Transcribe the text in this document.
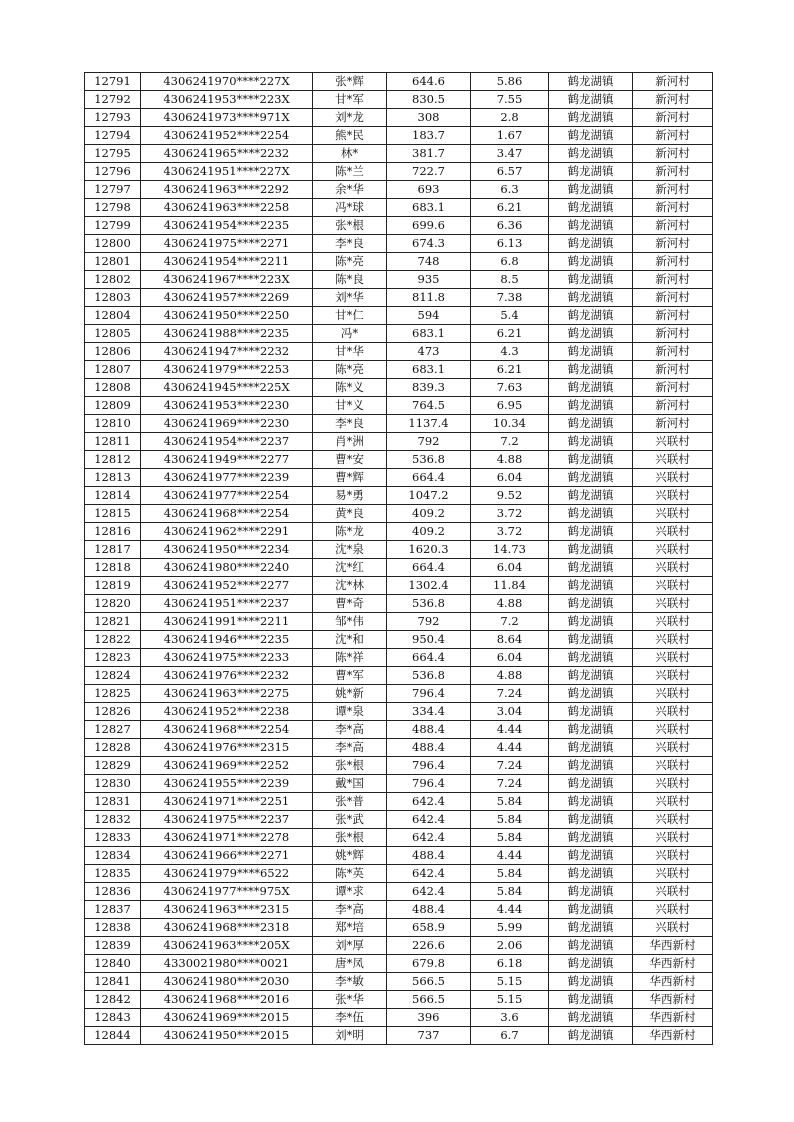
12791	4306241970****227X	张*辉	644.6	5.86	鹤龙湖镇	新河村
12792	4306241953****223X	甘*军	830.5	7.55	鹤龙湖镇	新河村
12793	4306241973****971X	刘*龙	308	2.8	鹤龙湖镇	新河村
12794	4306241952****2254	熊*民	183.7	1.67	鹤龙湖镇	新河村
12795	4306241965****2232	林*	381.7	3.47	鹤龙湖镇	新河村
12796	4306241951****227X	陈*兰	722.7	6.57	鹤龙湖镇	新河村
12797	4306241963****2292	余*华	693	6.3	鹤龙湖镇	新河村
12798	4306241963****2258	冯*球	683.1	6.21	鹤龙湖镇	新河村
12799	4306241954****2235	张*根	699.6	6.36	鹤龙湖镇	新河村
12800	4306241975****2271	李*良	674.3	6.13	鹤龙湖镇	新河村
12801	4306241954****2211	陈*亮	748	6.8	鹤龙湖镇	新河村
12802	4306241967****223X	陈*良	935	8.5	鹤龙湖镇	新河村
12803	4306241957****2269	刘*华	811.8	7.38	鹤龙湖镇	新河村
12804	4306241950****2250	甘*仁	594	5.4	鹤龙湖镇	新河村
12805	4306241988****2235	冯*	683.1	6.21	鹤龙湖镇	新河村
12806	4306241947****2232	甘*华	473	4.3	鹤龙湖镇	新河村
12807	4306241979****2253	陈*亮	683.1	6.21	鹤龙湖镇	新河村
12808	4306241945****225X	陈*义	839.3	7.63	鹤龙湖镇	新河村
12809	4306241953****2230	甘*义	764.5	6.95	鹤龙湖镇	新河村
12810	4306241969****2230	李*良	1137.4	10.34	鹤龙湖镇	新河村
12811	4306241954****2237	肖*洲	792	7.2	鹤龙湖镇	兴联村
12812	4306241949****2277	曹*安	536.8	4.88	鹤龙湖镇	兴联村
12813	4306241977****2239	曹*辉	664.4	6.04	鹤龙湖镇	兴联村
12814	4306241977****2254	易*勇	1047.2	9.52	鹤龙湖镇	兴联村
12815	4306241968****2254	黄*良	409.2	3.72	鹤龙湖镇	兴联村
12816	4306241962****2291	陈*龙	409.2	3.72	鹤龙湖镇	兴联村
12817	4306241950****2234	沈*泉	1620.3	14.73	鹤龙湖镇	兴联村
12818	4306241980****2240	沈*红	664.4	6.04	鹤龙湖镇	兴联村
12819	4306241952****2277	沈*林	1302.4	11.84	鹤龙湖镇	兴联村
12820	4306241951****2237	曹*奇	536.8	4.88	鹤龙湖镇	兴联村
12821	4306241991****2211	邹*伟	792	7.2	鹤龙湖镇	兴联村
12822	4306241946****2235	沈*和	950.4	8.64	鹤龙湖镇	兴联村
12823	4306241975****2233	陈*祥	664.4	6.04	鹤龙湖镇	兴联村
12824	4306241976****2232	曹*军	536.8	4.88	鹤龙湖镇	兴联村
12825	4306241963****2275	姚*新	796.4	7.24	鹤龙湖镇	兴联村
12826	4306241952****2238	谭*泉	334.4	3.04	鹤龙湖镇	兴联村
12827	4306241968****2254	李*高	488.4	4.44	鹤龙湖镇	兴联村
12828	4306241976****2315	李*高	488.4	4.44	鹤龙湖镇	兴联村
12829	4306241969****2252	张*根	796.4	7.24	鹤龙湖镇	兴联村
12830	4306241955****2239	戴*国	796.4	7.24	鹤龙湖镇	兴联村
12831	4306241971****2251	张*普	642.4	5.84	鹤龙湖镇	兴联村
12832	4306241975****2237	张*武	642.4	5.84	鹤龙湖镇	兴联村
12833	4306241971****2278	张*根	642.4	5.84	鹤龙湖镇	兴联村
12834	4306241966****2271	姚*辉	488.4	4.44	鹤龙湖镇	兴联村
12835	4306241979****6522	陈*英	642.4	5.84	鹤龙湖镇	兴联村
12836	4306241977****975X	谭*求	642.4	5.84	鹤龙湖镇	兴联村
12837	4306241963****2315	李*高	488.4	4.44	鹤龙湖镇	兴联村
12838	4306241968****2318	郑*培	658.9	5.99	鹤龙湖镇	兴联村
12839	4306241963****205X	刘*厚	226.6	2.06	鹤龙湖镇	华西新村
12840	4330021980****0021	唐*凤	679.8	6.18	鹤龙湖镇	华西新村
12841	4306241980****2030	李*敏	566.5	5.15	鹤龙湖镇	华西新村
12842	4306241968****2016	张*华	566.5	5.15	鹤龙湖镇	华西新村
12843	4306241969****2015	李*伍	396	3.6	鹤龙湖镇	华西新村
12844	4306241950****2015	刘*明	737	6.7	鹤龙湖镇	华西新村
